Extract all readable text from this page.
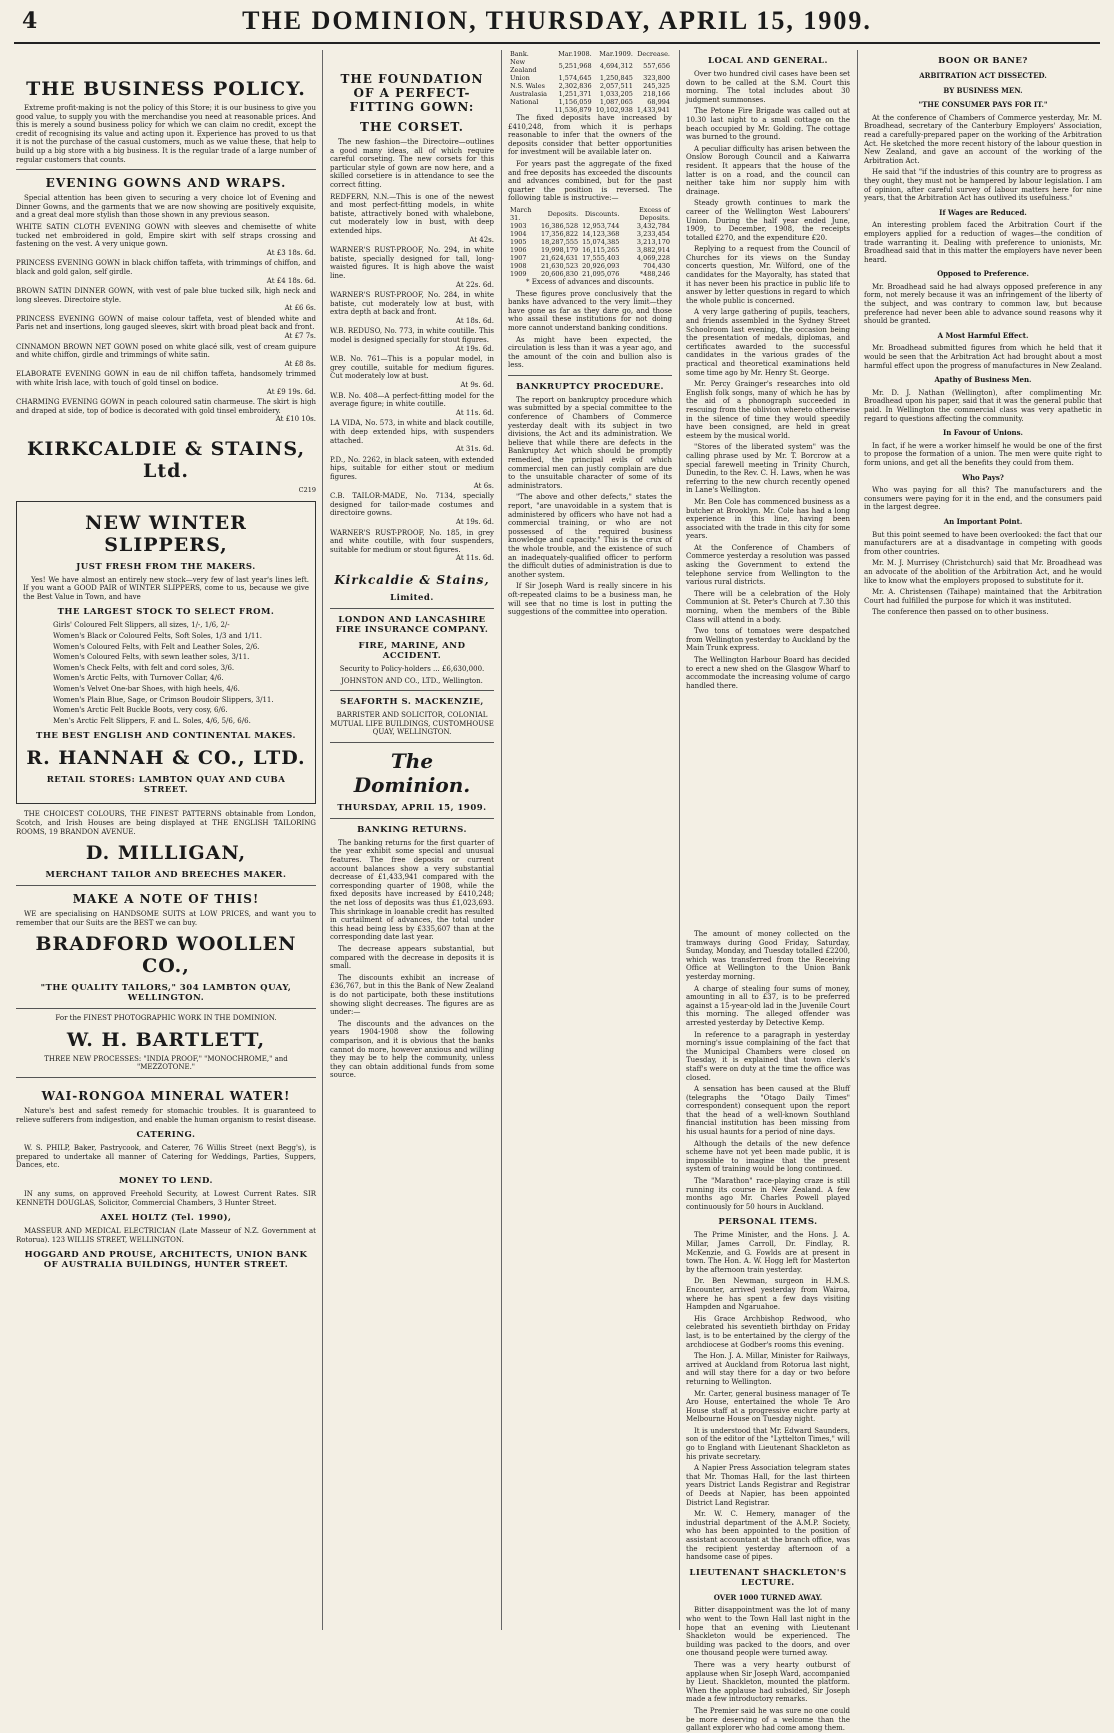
4	THE DOMINION, THURSDAY, APRIL 15, 1909.
THE BUSINESS POLICY.

Extreme profit-making is not the policy of this Store; it is our business to give you good value, to supply you with the merchandise you need at reasonable prices. And this is merely a sound business policy for which we can claim no credit, except the credit of recognising its value and acting upon it. Experience has proved to us that it is not the purchase of the casual customers, much as we value these, that help to build up a big store with a big business. It is the regular trade of a large number of regular customers that counts.

EVENING GOWNS AND WRAPS.

Special attention has been given to securing a very choice lot of Evening and Dinner Gowns, and the garments that we are now showing are positively exquisite, and a great deal more stylish than those shown in any previous season.

WHITE SATIN CLOTH EVENING GOWN with sleeves and chemisette of white tucked net embroidered in gold, Empire skirt with self straps crossing and fastening on the vest. A very unique gown.
At £3 18s. 6d.
PRINCESS EVENING GOWN in black chiffon taffeta, with trimmings of chiffon, and black and gold galon, self girdle.
At £4 18s. 6d.
BROWN SATIN DINNER GOWN, with vest of pale blue tucked silk, high neck and long sleeves. Directoire style.
At £6 6s.
PRINCESS EVENING GOWN of maise colour taffeta, vest of blended white and Paris net and insertions, long gauged sleeves, skirt with broad pleat back and front.
At £7 7s.
CINNAMON BROWN NET GOWN posed on white glacé silk, vest of cream guipure and white chiffon, girdle and trimmings of white satin.
At £8 8s.
ELABORATE EVENING GOWN in eau de nil chiffon taffeta, handsomely trimmed with white Irish lace, with touch of gold tinsel on bodice.
At £9 19s. 6d.
CHARMING EVENING GOWN in peach coloured satin charmeuse. The skirt is high and draped at side, top of bodice is decorated with gold tinsel embroidery.
At £10 10s.
KIRKCALDIE & STAINS, Ltd.
C219
NEW WINTER SLIPPERS,
JUST FRESH FROM THE MAKERS.

Yes! We have almost an entirely new stock—very few of last year's lines left. If you want a GOOD PAIR of WINTER SLIPPERS, come to us, because we give the Best Value in Town, and have

THE LARGEST STOCK TO SELECT FROM.
Girls' Coloured Felt Slippers, all sizes, 1/-, 1/6, 2/-
Women's Black or Coloured Felts, Soft Soles, 1/3 and 1/11.
Women's Coloured Felts, with Felt and Leather Soles, 2/6.
Women's Coloured Felts, with sewn leather soles, 3/11.
Women's Check Felts, with felt and cord soles, 3/6.
Women's Arctic Felts, with Turnover Collar, 4/6.
Women's Velvet One-bar Shoes, with high heels, 4/6.
Women's Plain Blue, Sage, or Crimson Boudoir Slippers, 3/11.
Women's Arctic Felt Buckle Boots, very cosy, 6/6.
Men's Arctic Felt Slippers, F. and L. Soles, 4/6, 5/6, 6/6.
THE BEST ENGLISH AND CONTINENTAL MAKES.
R. HANNAH & CO., LTD.
RETAIL STORES: LAMBTON QUAY AND CUBA STREET.

THE CHOICEST COLOURS, THE FINEST PATTERNS obtainable from London, Scotch, and Irish Houses are being displayed at THE ENGLISH TAILORING ROOMS, 19 BRANDON AVENUE.

D. MILLIGAN,
MERCHANT TAILOR AND BREECHES MAKER.
MAKE A NOTE OF THIS!

WE are specialising on HANDSOME SUITS at LOW PRICES, and want you to remember that our Suits are the BEST we can buy.

BRADFORD WOOLLEN CO.,
"THE QUALITY TAILORS," 304 LAMBTON QUAY, WELLINGTON.

For the FINEST PHOTOGRAPHIC WORK IN THE DOMINION.

W. H. BARTLETT,

THREE NEW PROCESSES: "INDIA PROOF," "MONOCHROME," and "MEZZOTONE."

WAI-RONGOA MINERAL WATER!

Nature's best and safest remedy for stomachic troubles. It is guaranteed to relieve sufferers from indigestion, and enable the human organism to resist disease.

CATERING.

W. S. PHILP, Baker, Pastrycook, and Caterer, 76 Willis Street (next Begg's), is prepared to undertake all manner of Catering for Weddings, Parties, Suppers, Dances, etc.

MONEY TO LEND.

IN any sums, on approved Freehold Security, at Lowest Current Rates. SIR KENNETH DOUGLAS, Solicitor, Commercial Chambers, 3 Hunter Street.

AXEL HOLTZ (Tel. 1990),

MASSEUR AND MEDICAL ELECTRICIAN (Late Masseur of N.Z. Government at Rotorua). 123 WILLIS STREET, WELLINGTON.

HOGGARD AND PROUSE, ARCHITECTS, UNION BANK OF AUSTRALIA BUILDINGS, HUNTER STREET.
THE FOUNDATION OF A PERFECT-FITTING GOWN:
THE CORSET.

The new fashion—the Directoire—outlines a good many ideas, all of which require careful corseting. The new corsets for this particular style of gown are now here, and a skilled corsetiere is in attendance to see the correct fitting.

REDFERN, N.N.—This is one of the newest and most perfect-fitting models, in white batiste, attractively boned with whalebone, cut moderately low in bust, with deep extended hips.
At 42s.
WARNER'S RUST-PROOF, No. 294, in white batiste, specially designed for tall, long-waisted figures. It is high above the waist line.
At 22s. 6d.
WARNER'S RUST-PROOF, No. 284, in white batiste, cut moderately low at bust, with extra depth at back and front.
At 18s. 6d.
W.B. REDUSO, No. 773, in white coutille. This model is designed specially for stout figures.
At 19s. 6d.
W.B. No. 761—This is a popular model, in grey coutille, suitable for medium figures. Cut moderately low at bust.
At 9s. 6d.
W.B. No. 408—A perfect-fitting model for the average figure; in white coutille.
At 11s. 6d.
LA VIDA, No. 573, in white and black coutille, with deep extended hips, with suspenders attached.
At 31s. 6d.
P.D., No. 2262, in black sateen, with extended hips, suitable for either stout or medium figures.
At 6s.
C.B. TAILOR-MADE, No. 7134, specially designed for tailor-made costumes and directoire gowns.
At 19s. 6d.
WARNER'S RUST-PROOF, No. 185, in grey and white coutille, with four suspenders, suitable for medium or stout figures.
At 11s. 6d.
Kirkcaldie & Stains,
Limited.
LONDON AND LANCASHIRE FIRE INSURANCE COMPANY.
FIRE, MARINE, AND ACCIDENT.

Security to Policy-holders ... £6,630,000.

JOHNSTON AND CO., LTD., Wellington.

SEAFORTH S. MACKENZIE,

BARRISTER AND SOLICITOR, COLONIAL MUTUAL LIFE BUILDINGS, CUSTOMHOUSE QUAY, WELLINGTON.

The Dominion.
THURSDAY, APRIL 15, 1909.
BANKING RETURNS.

The banking returns for the first quarter of the year exhibit some special and unusual features. The free deposits or current account balances show a very substantial decrease of £1,433,941 compared with the corresponding quarter of 1908, while the fixed deposits have increased by £410,248; the net loss of deposits was thus £1,023,693. This shrinkage in loanable credit has resulted in curtailment of advances, the total under this head being less by £335,607 than at the corresponding date last year.

The decrease appears substantial, but compared with the decrease in deposits it is small.

The discounts exhibit an increase of £36,767, but in this the Bank of New Zealand is do not participate, both these institutions showing slight decreases. The figures are as under:—

The discounts and the advances on the years 1904-1908 show the following comparison, and it is obvious that the banks cannot do more, however anxious and willing they may be to help the community, unless they can obtain additional funds from some source.

Bank.	Mar.1908.	Mar.1909.	Decrease.
New Zealand	5,251,968	4,694,312	557,656
Union	1,574,645	1,250,845	323,800
N.S. Wales	2,302,836	2,057,511	245,325
Australasia	1,251,371	1,033,205	218,166
National	1,156,059	1,087,065	68,994
	11,536,879	10,102,938	1,433,941

The fixed deposits have increased by £410,248, from which it is perhaps reasonable to infer that the owners of the deposits consider that better opportunities for investment will be available later on.

For years past the aggregate of the fixed and free deposits has exceeded the discounts and advances combined, but for the past quarter the position is reversed. The following table is instructive:—

March 31.	Deposits.	Discounts.	Excess of Deposits.
1903	16,386,528	12,953,744	3,432,784
1904	17,356,822	14,123,368	3,233,454
1905	18,287,555	15,074,385	3,213,170
1906	19,998,179	16,115,265	3,882,914
1907	21,624,631	17,555,403	4,069,228
1908	21,630,523	20,926,093	704,430
1909	20,606,830	21,095,076	*488,246

* Excess of advances and discounts.

These figures prove conclusively that the banks have advanced to the very limit—they have gone as far as they dare go, and those who assail these institutions for not doing more cannot understand banking conditions.

As might have been expected, the circulation is less than it was a year ago, and the amount of the coin and bullion also is less.

BANKRUPTCY PROCEDURE.

The report on bankruptcy procedure which was submitted by a special committee to the conference of Chambers of Commerce yesterday dealt with its subject in two divisions, the Act and its administration. We believe that while there are defects in the Bankruptcy Act which should be promptly remedied, the principal evils of which commercial men can justly complain are due to the unsuitable character of some of its administrators.

"The above and other defects," states the report, "are unavoidable in a system that is administered by officers who have not had a commercial training, or who are not possessed of the required business knowledge and capacity." This is the crux of the whole trouble, and the existence of such an inadequately-qualified officer to perform the difficult duties of administration is due to another system.

If Sir Joseph Ward is really sincere in his oft-repeated claims to be a business man, he will see that no time is lost in putting the suggestions of the committee into operation.

LOCAL AND GENERAL.

Over two hundred civil cases have been set down to be called at the S.M. Court this morning. The total includes about 30 judgment summonses.

The Petone Fire Brigade was called out at 10.30 last night to a small cottage on the beach occupied by Mr. Golding. The cottage was burned to the ground.

A peculiar difficulty has arisen between the Onslow Borough Council and a Kaiwarra resident. It appears that the house of the latter is on a road, and the council can neither take him nor supply him with drainage.

Steady growth continues to mark the career of the Wellington West Labourers' Union. During the half year ended June, 1909, to December, 1908, the receipts totalled £270, and the expenditure £20.

Replying to a request from the Council of Churches for its views on the Sunday concerts question, Mr. Wilford, one of the candidates for the Mayoralty, has stated that it has never been his practice in public life to answer by letter questions in regard to which the whole public is concerned.

A very large gathering of pupils, teachers, and friends assembled in the Sydney Street Schoolroom last evening, the occasion being the presentation of medals, diplomas, and certificates awarded to the successful candidates in the various grades of the practical and theoretical examinations held some time ago by Mr. Henry St. George.

Mr. Percy Grainger's researches into old English folk songs, many of which he has by the aid of a phonograph succeeded in rescuing from the oblivion whereto otherwise in the silence of time they would speedily have been consigned, are held in great esteem by the musical world.

"Stores of the liberated system" was the calling phrase used by Mr. T. Borcrow at a special farewell meeting in Trinity Church, Dunedin, to the Rev. C. H. Laws, when he was referring to the new church recently opened in Lane's Wellington.

Mr. Ben Cole has commenced business as a butcher at Brooklyn. Mr. Cole has had a long experience in this line, having been associated with the trade in this city for some years.

At the Conference of Chambers of Commerce yesterday a resolution was passed asking the Government to extend the telephone service from Wellington to the various rural districts.

There will be a celebration of the Holy Communion at St. Peter's Church at 7.30 this morning, when the members of the Bible Class will attend in a body.

Two tons of tomatoes were despatched from Wellington yesterday to Auckland by the Main Trunk express.

The Wellington Harbour Board has decided to erect a new shed on the Glasgow Wharf to accommodate the increasing volume of cargo handled there.

BOON OR BANE?
ARBITRATION ACT DISSECTED.
BY BUSINESS MEN.
"THE CONSUMER PAYS FOR IT."

At the conference of Chambers of Commerce yesterday, Mr. M. Broadhead, secretary of the Canterbury Employers' Association, read a carefully-prepared paper on the working of the Arbitration Act. He sketched the more recent history of the labour question in New Zealand, and gave an account of the working of the Arbitration Act.

He said that "if the industries of this country are to progress as they ought, they must not be hampered by labour legislation. I am of opinion, after careful survey of labour matters here for nine years, that the Arbitration Act has outlived its usefulness."

If Wages are Reduced.

An interesting problem faced the Arbitration Court if the employers applied for a reduction of wages—the condition of trade warranting it. Dealing with preference to unionists, Mr. Broadhead said that in this matter the employers have never been heard.

Opposed to Preference.

Mr. Broadhead said he had always opposed preference in any form, not merely because it was an infringement of the liberty of the subject, and was contrary to common law, but because preference had never been able to advance sound reasons why it should be granted.

A Most Harmful Effect.

Mr. Broadhead submitted figures from which he held that it would be seen that the Arbitration Act had brought about a most harmful effect upon the progress of manufactures in New Zealand.

Apathy of Business Men.

Mr. D. J. Nathan (Wellington), after complimenting Mr. Broadhead upon his paper, said that it was the general public that paid. In Wellington the commercial class was very apathetic in regard to questions affecting the community.

In Favour of Unions.

In fact, if he were a worker himself he would be one of the first to propose the formation of a union. The men were quite right to form unions, and get all the benefits they could from them.

Who Pays?

Who was paying for all this? The manufacturers and the consumers were paying for it in the end, and the consumers paid in the largest degree.

An Important Point.

But this point seemed to have been overlooked: the fact that our manufacturers are at a disadvantage in competing with goods from other countries.

Mr. M. J. Murrisey (Christchurch) said that Mr. Broadhead was an advocate of the abolition of the Arbitration Act, and he would like to know what the employers proposed to substitute for it.

Mr. A. Christensen (Taihape) maintained that the Arbitration Court had fulfilled the purpose for which it was instituted.

The conference then passed on to other business.

The amount of money collected on the tramways during Good Friday, Saturday, Sunday, Monday, and Tuesday totalled £2200, which was transferred from the Receiving Office at Wellington to the Union Bank yesterday morning.

A charge of stealing four sums of money, amounting in all to £37, is to be preferred against a 15-year-old lad in the Juvenile Court this morning. The alleged offender was arrested yesterday by Detective Kemp.

In reference to a paragraph in yesterday morning's issue complaining of the fact that the Municipal Chambers were closed on Tuesday, it is explained that town clerk's staff's were on duty at the time the office was closed.

A sensation has been caused at the Bluff (telegraphs the "Otago Daily Times" correspondent) consequent upon the report that the head of a well-known Southland financial institution has been missing from his usual haunts for a period of nine days.

Although the details of the new defence scheme have not yet been made public, it is impossible to imagine that the present system of training would be long continued.

The "Marathon" race-playing craze is still running its course in New Zealand. A few months ago Mr. Charles Powell played continuously for 50 hours in Auckland.

PERSONAL ITEMS.

The Prime Minister, and the Hons. J. A. Millar, James Carroll, Dr. Findlay, R. McKenzie, and G. Fowlds are at present in town. The Hon. A. W. Hogg left for Masterton by the afternoon train yesterday.

Dr. Ben Newman, surgeon in H.M.S. Encounter, arrived yesterday from Wairoa, where he has spent a few days visiting Hampden and Ngaruahoe.

His Grace Archbishop Redwood, who celebrated his seventieth birthday on Friday last, is to be entertained by the clergy of the archdiocese at Godber's rooms this evening.

The Hon. J. A. Millar, Minister for Railways, arrived at Auckland from Rotorua last night, and will stay there for a day or two before returning to Wellington.

Mr. Carter, general business manager of Te Aro House, entertained the whole Te Aro House staff at a progressive euchre party at Melbourne House on Tuesday night.

It is understood that Mr. Edward Saunders, son of the editor of the "Lyttelton Times," will go to England with Lieutenant Shackleton as his private secretary.

A Napier Press Association telegram states that Mr. Thomas Hall, for the last thirteen years District Lands Registrar and Registrar of Deeds at Napier, has been appointed District Land Registrar.

Mr. W. C. Hemery, manager of the industrial department of the A.M.P. Society, who has been appointed to the position of assistant accountant at the branch office, was the recipient yesterday afternoon of a handsome case of pipes.

LIEUTENANT SHACKLETON'S LECTURE.
OVER 1000 TURNED AWAY.

Bitter disappointment was the lot of many who went to the Town Hall last night in the hope that an evening with Lieutenant Shackleton would be experienced. The building was packed to the doors, and over one thousand people were turned away.

There was a very hearty outburst of applause when Sir Joseph Ward, accompanied by Lieut. Shackleton, mounted the platform. When the applause had subsided, Sir Joseph made a few introductory remarks.

The Premier said he was sure no one could be more deserving of a welcome than the gallant explorer who had come among them.
